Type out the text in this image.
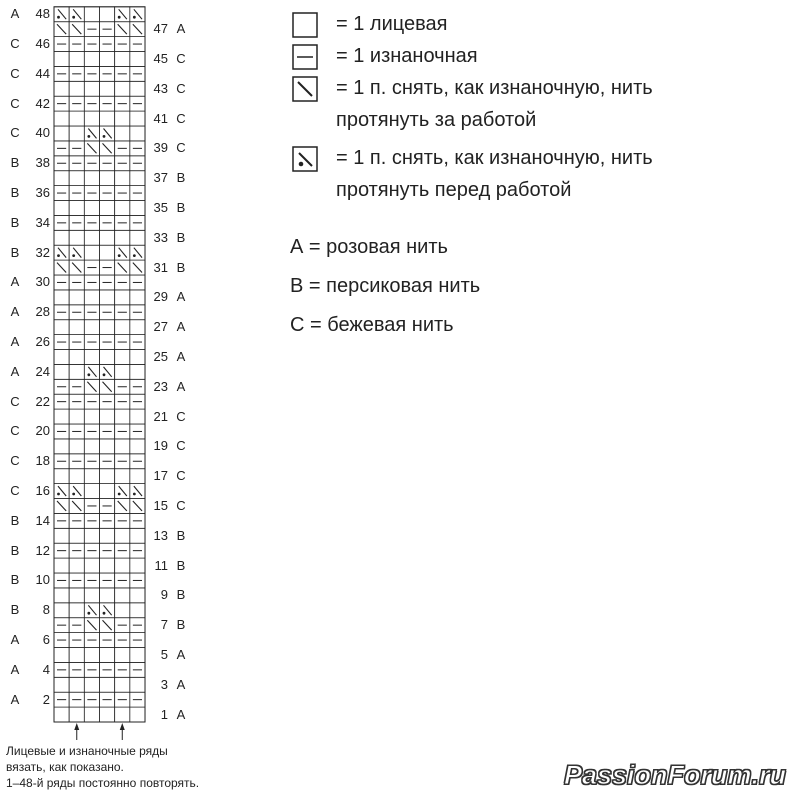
1 A
A 2
3 A
A 4
5 A
A 6
7 B
B 8
9 B
B 10
11 B
B 12
13 B
B 14
15 C
C 16
17 C
C 18
19 C
C 20
21 C
C 22
23 A
A 24
25 A
A 26
27 A
A 28
29 A
A 30
31 B
B 32
33 B
B 34
35 B
B 36
37 B
B 38
39 C
C 40
41 C
C 42
43 C
C 44
45 C
C 46
47 A
A 48	= 1 лицевая
= 1 изнаночная
= 1 п. снять, как изнаночную, нить
протянуть за работой
= 1 п. снять, как изнаночную, нить
протянуть перед работой
А = розовая нить
В = персиковая нить
С = бежевая нить
Лицевые и изнаночные ряды
вязать, как показано.
1–48-й ряды постоянно повторять.	PassionForum.ru
